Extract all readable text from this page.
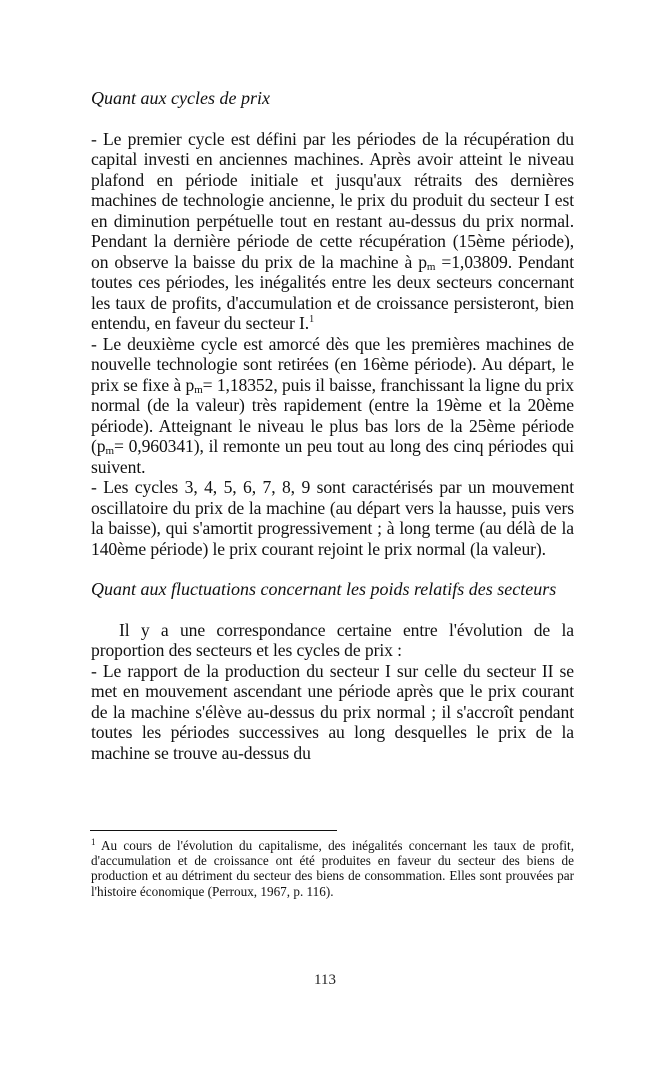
Quant aux cycles de prix

- Le premier cycle est défini par les périodes de la récupération du capital investi en anciennes machines. Après avoir atteint le niveau plafond en période initiale et jusqu'aux rétraits des dernières machines de technologie ancienne, le prix du produit du secteur I est en diminution perpétuelle tout en restant au-dessus du prix normal. Pendant la dernière période de cette récupération (15ème période), on observe la baisse du prix de la machine à $p_m =1,03809$. Pendant toutes ces périodes, les inégalités entre les deux secteurs concernant les taux de profits, d'accumulation et de croissance persisteront, bien entendu, en faveur du secteur I.$^1$

- Le deuxième cycle est amorcé dès que les premières machines de nouvelle technologie sont retirées (en 16ème période). Au départ, le prix se fixe à $p_m= 1,18352$, puis il baisse, franchissant la ligne du prix normal (de la valeur) très rapidement (entre la 19ème et la 20ème période). Atteignant le niveau le plus bas lors de la 25ème période $(p_m= 0,960341)$, il remonte un peu tout au long des cinq périodes qui suivent.

- Les cycles 3, 4, 5, 6, 7, 8, 9 sont caractérisés par un mouvement oscillatoire du prix de la machine (au départ vers la hausse, puis vers la baisse), qui s'amortit progressivement ; à long terme (au délà de la 140ème période) le prix courant rejoint le prix normal (la valeur).

Quant aux fluctuations concernant les poids relatifs des secteurs

Il y a une correspondance certaine entre l'évolution de la proportion des secteurs et les cycles de prix :

- Le rapport de la production du secteur I sur celle du secteur II se met en mouvement ascendant une période après que le prix courant de la machine s'élève au-dessus du prix normal ; il s'accroît pendant toutes les périodes successives au long desquelles le prix de la machine se trouve au-dessus du

$^1$ Au cours de l'évolution du capitalisme, des inégalités concernant les taux de profit, d'accumulation et de croissance ont été produites en faveur du secteur des biens de production et au détriment du secteur des biens de consommation. Elles sont prouvées par l'histoire économique (Perroux, 1967, p. 116).

113
